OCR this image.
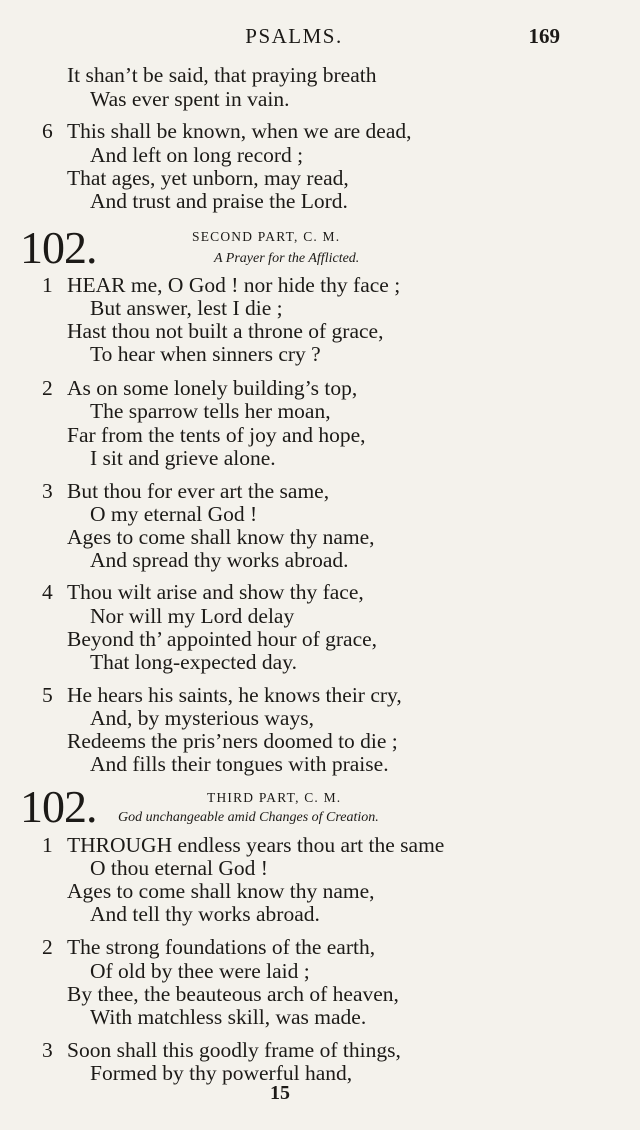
PSALMS.	169
It shan’t be said, that praying breath
Was ever spent in vain.
6 This shall be known, when we are dead,
And left on long record ;
That ages, yet unborn, may read,
And trust and praise the Lord.
102.	SECOND PART, C. M.
A Prayer for the Afflicted.
1 HEAR me, O God ! nor hide thy face ;
But answer, lest I die ;
Hast thou not built a throne of grace,
To hear when sinners cry ?
2 As on some lonely building’s top,
The sparrow tells her moan,
Far from the tents of joy and hope,
I sit and grieve alone.
3 But thou for ever art the same,
O my eternal God !
Ages to come shall know thy name,
And spread thy works abroad.
4 Thou wilt arise and show thy face,
Nor will my Lord delay
Beyond th’ appointed hour of grace,
That long-expected day.
5 He hears his saints, he knows their cry,
And, by mysterious ways,
Redeems the pris’ners doomed to die ;
And fills their tongues with praise.
102.	THIRD PART, C. M.
God unchangeable amid Changes of Creation.
1 THROUGH endless years thou art the same
O thou eternal God !
Ages to come shall know thy name,
And tell thy works abroad.
2 The strong foundations of the earth,
Of old by thee were laid ;
By thee, the beauteous arch of heaven,
With matchless skill, was made.
3 Soon shall this goodly frame of things,
Formed by thy powerful hand,
15
